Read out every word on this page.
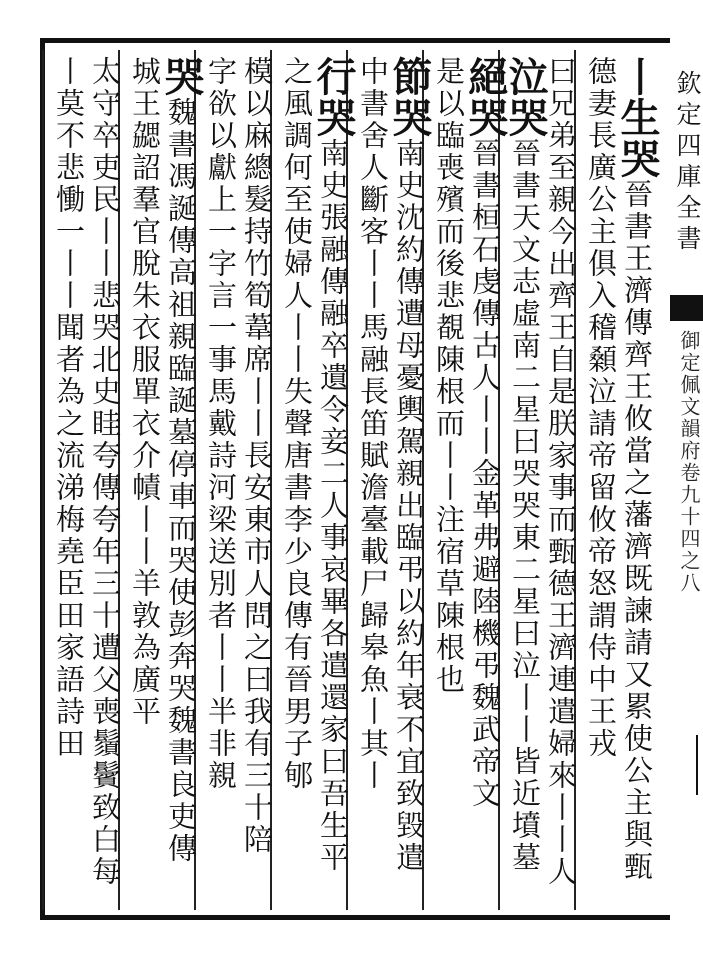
欽定四庫全書
御定佩文韻府卷九十四之八
丨生哭晉書王濟傳齊王攸當之藩濟既諫請又累使公主與甄
德妻長廣公主俱入稽顙泣請帝留攸帝怒謂侍中王戎
曰兄弟至親今出齊王自是朕家事而甄德王濟連遣婦來丨丨人
泣哭晉書天文志虛南二星曰哭哭東二星曰泣丨丨皆近墳墓
絕哭晉書桓石虔傳古人丨丨金革弗避陸機弔魏武帝文
是以臨喪殯而後悲覩陳根而丨丨注宿草陳根也
節哭南史沈約傳遭母憂輿駕親出臨弔以約年衰不宜致毀遣
中書舍人斷客丨丨馬融長笛賦澹臺載尸歸皋魚丨其丨
行哭南史張融傳融卒遺令妾二人事哀畢各遣還家曰吾生平
之風調何至使婦人丨丨失聲唐書李少良傳有晉男子郇
模以麻總髮持竹筍葦席丨丨長安東市人問之曰我有三十陪
字欲以獻上一字言一事馬戴詩河梁送別者丨丨半非親
哭魏書馮誕傳高祖親臨誕墓停車而哭使彭奔哭魏書良吏傳
城王勰詔羣官脫朱衣服單衣介幘丨丨羊敦為廣平
太守卒吏民丨丨悲哭北史眭夸傳夸年三十遭父喪鬚鬢致白每
丨莫不悲慟一丨丨聞者為之流涕梅堯臣田家語詩田
